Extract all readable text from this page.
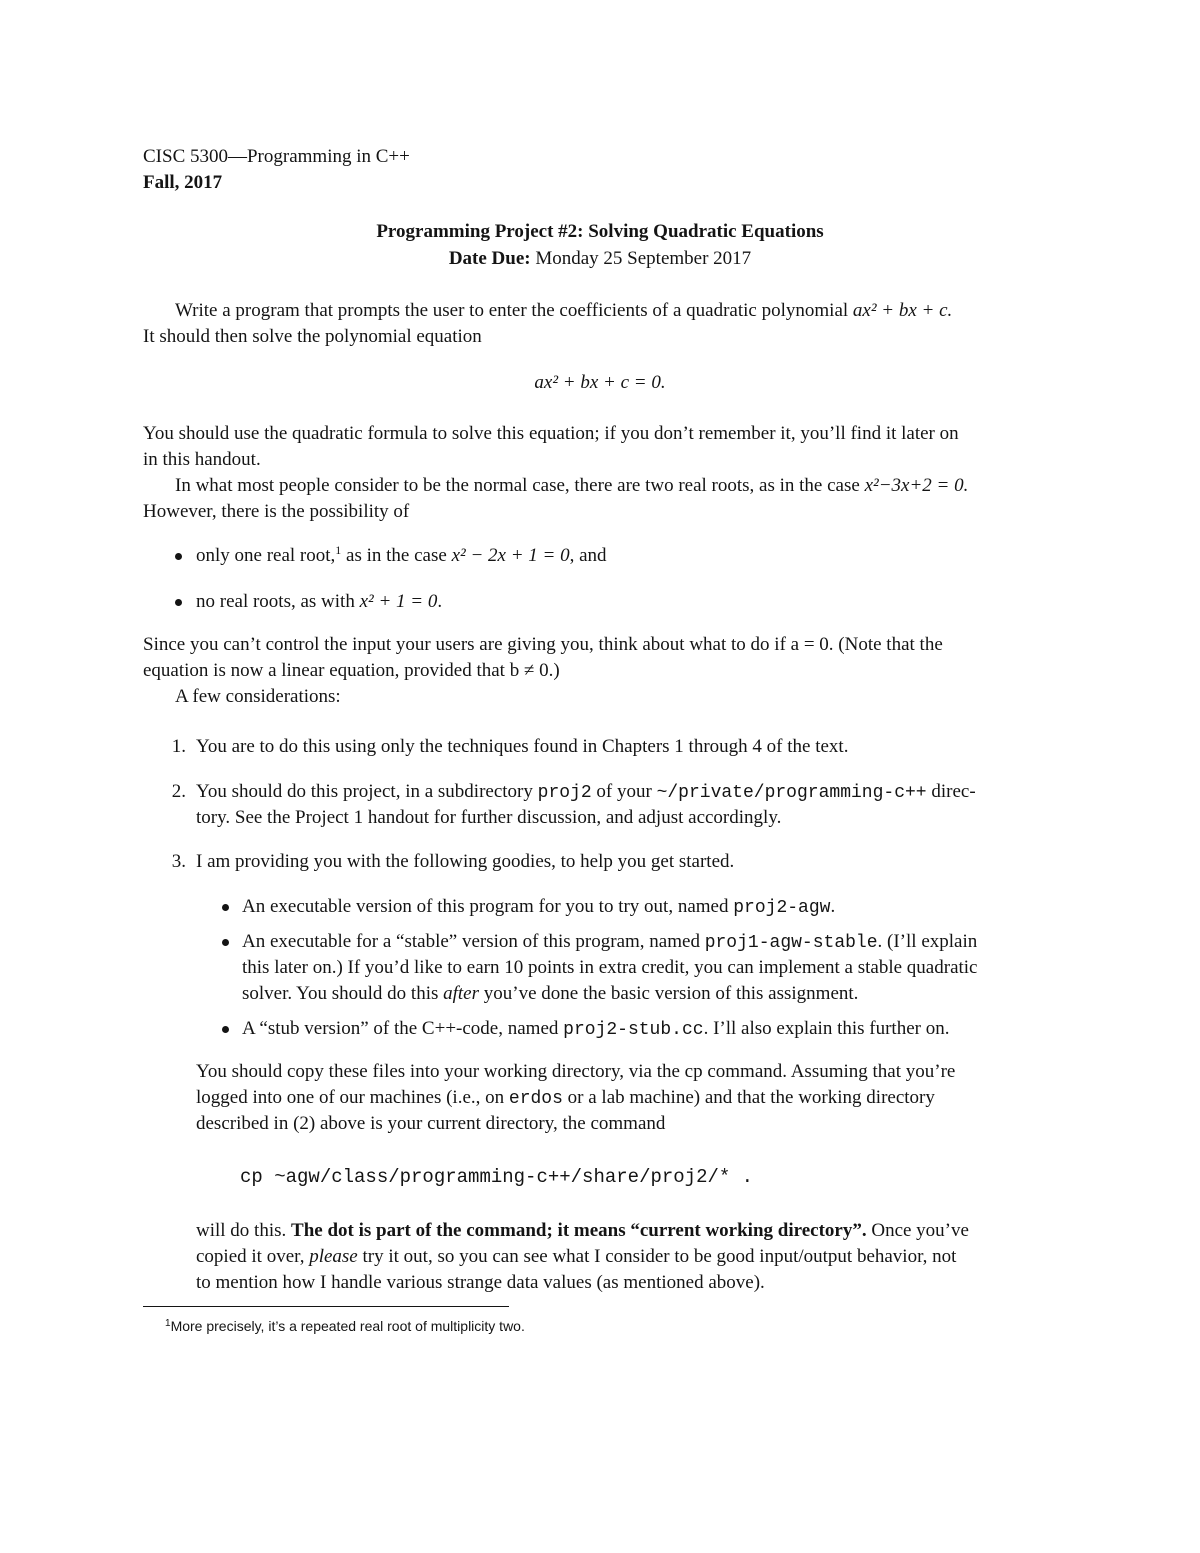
CISC 5300—Programming in C++
Fall, 2017
Programming Project #2: Solving Quadratic Equations
Date Due: Monday 25 September 2017
Write a program that prompts the user to enter the coefficients of a quadratic polynomial ax² + bx + c.
It should then solve the polynomial equation
ax² + bx + c = 0.
You should use the quadratic formula to solve this equation; if you don’t remember it, you’ll find it later on
in this handout.
In what most people consider to be the normal case, there are two real roots, as in the case x²−3x+2 = 0.
However, there is the possibility of
only one real root,$^1$ as in the case x² − 2x + 1 = 0, and
no real roots, as with x² + 1 = 0.
Since you can’t control the input your users are giving you, think about what to do if a = 0. (Note that the
equation is now a linear equation, provided that b ≠ 0.)
A few considerations:
1. You are to do this using only the techniques found in Chapters 1 through 4 of the text.
2. You should do this project, in a subdirectory proj2 of your ~/private/programming-c++ direc-
tory. See the Project 1 handout for further discussion, and adjust accordingly.
3. I am providing you with the following goodies, to help you get started.
An executable version of this program for you to try out, named proj2-agw.
An executable for a “stable” version of this program, named proj1-agw-stable. (I’ll explain
this later on.) If you’d like to earn 10 points in extra credit, you can implement a stable quadratic
solver. You should do this after you’ve done the basic version of this assignment.
A “stub version” of the C++-code, named proj2-stub.cc. I’ll also explain this further on.
You should copy these files into your working directory, via the cp command. Assuming that you’re
logged into one of our machines (i.e., on erdos or a lab machine) and that the working directory
described in (2) above is your current directory, the command
cp ~agw/class/programming-c++/share/proj2/* .
will do this. The dot is part of the command; it means “current working directory”. Once you’ve
copied it over, please try it out, so you can see what I consider to be good input/output behavior, not
to mention how I handle various strange data values (as mentioned above).
$^1$More precisely, it’s a repeated real root of multiplicity two.
